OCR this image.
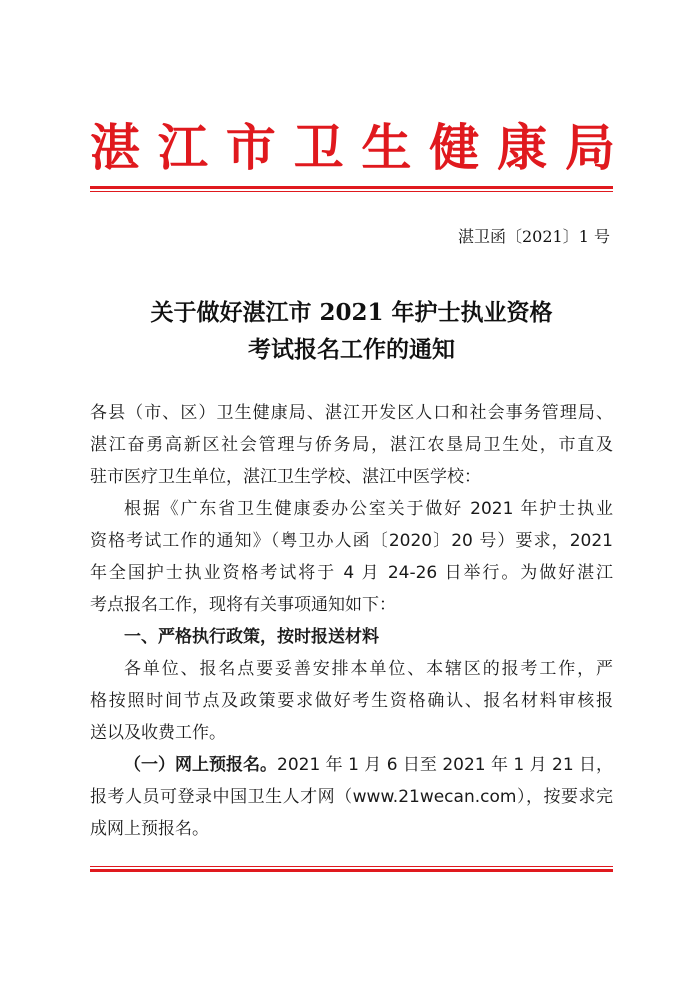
湛 江 市 卫 生 健 康 局
湛卫函〔2021〕1 号
关于做好湛江市 2021 年护士执业资格
考试报名工作的通知
各县（市、区）卫生健康局、湛江开发区人口和社会事务管理局、
湛江奋勇高新区社会管理与侨务局，湛江农垦局卫生处，市直及
驻市医疗卫生单位，湛江卫生学校、湛江中医学校：
根据《广东省卫生健康委办公室关于做好 2021 年护士执业
资格考试工作的通知》（粤卫办人函〔2020〕20 号）要求，2021
年全国护士执业资格考试将于 4 月 24-26 日举行。为做好湛江
考点报名工作，现将有关事项通知如下：
一、严格执行政策，按时报送材料
各单位、报名点要妥善安排本单位、本辖区的报考工作，严
格按照时间节点及政策要求做好考生资格确认、报名材料审核报
送以及收费工作。
（一）网上预报名。2021 年 1 月 6 日至 2021 年 1 月 21 日，
报考人员可登录中国卫生人才网（www.21wecan.com），按要求完
成网上预报名。
